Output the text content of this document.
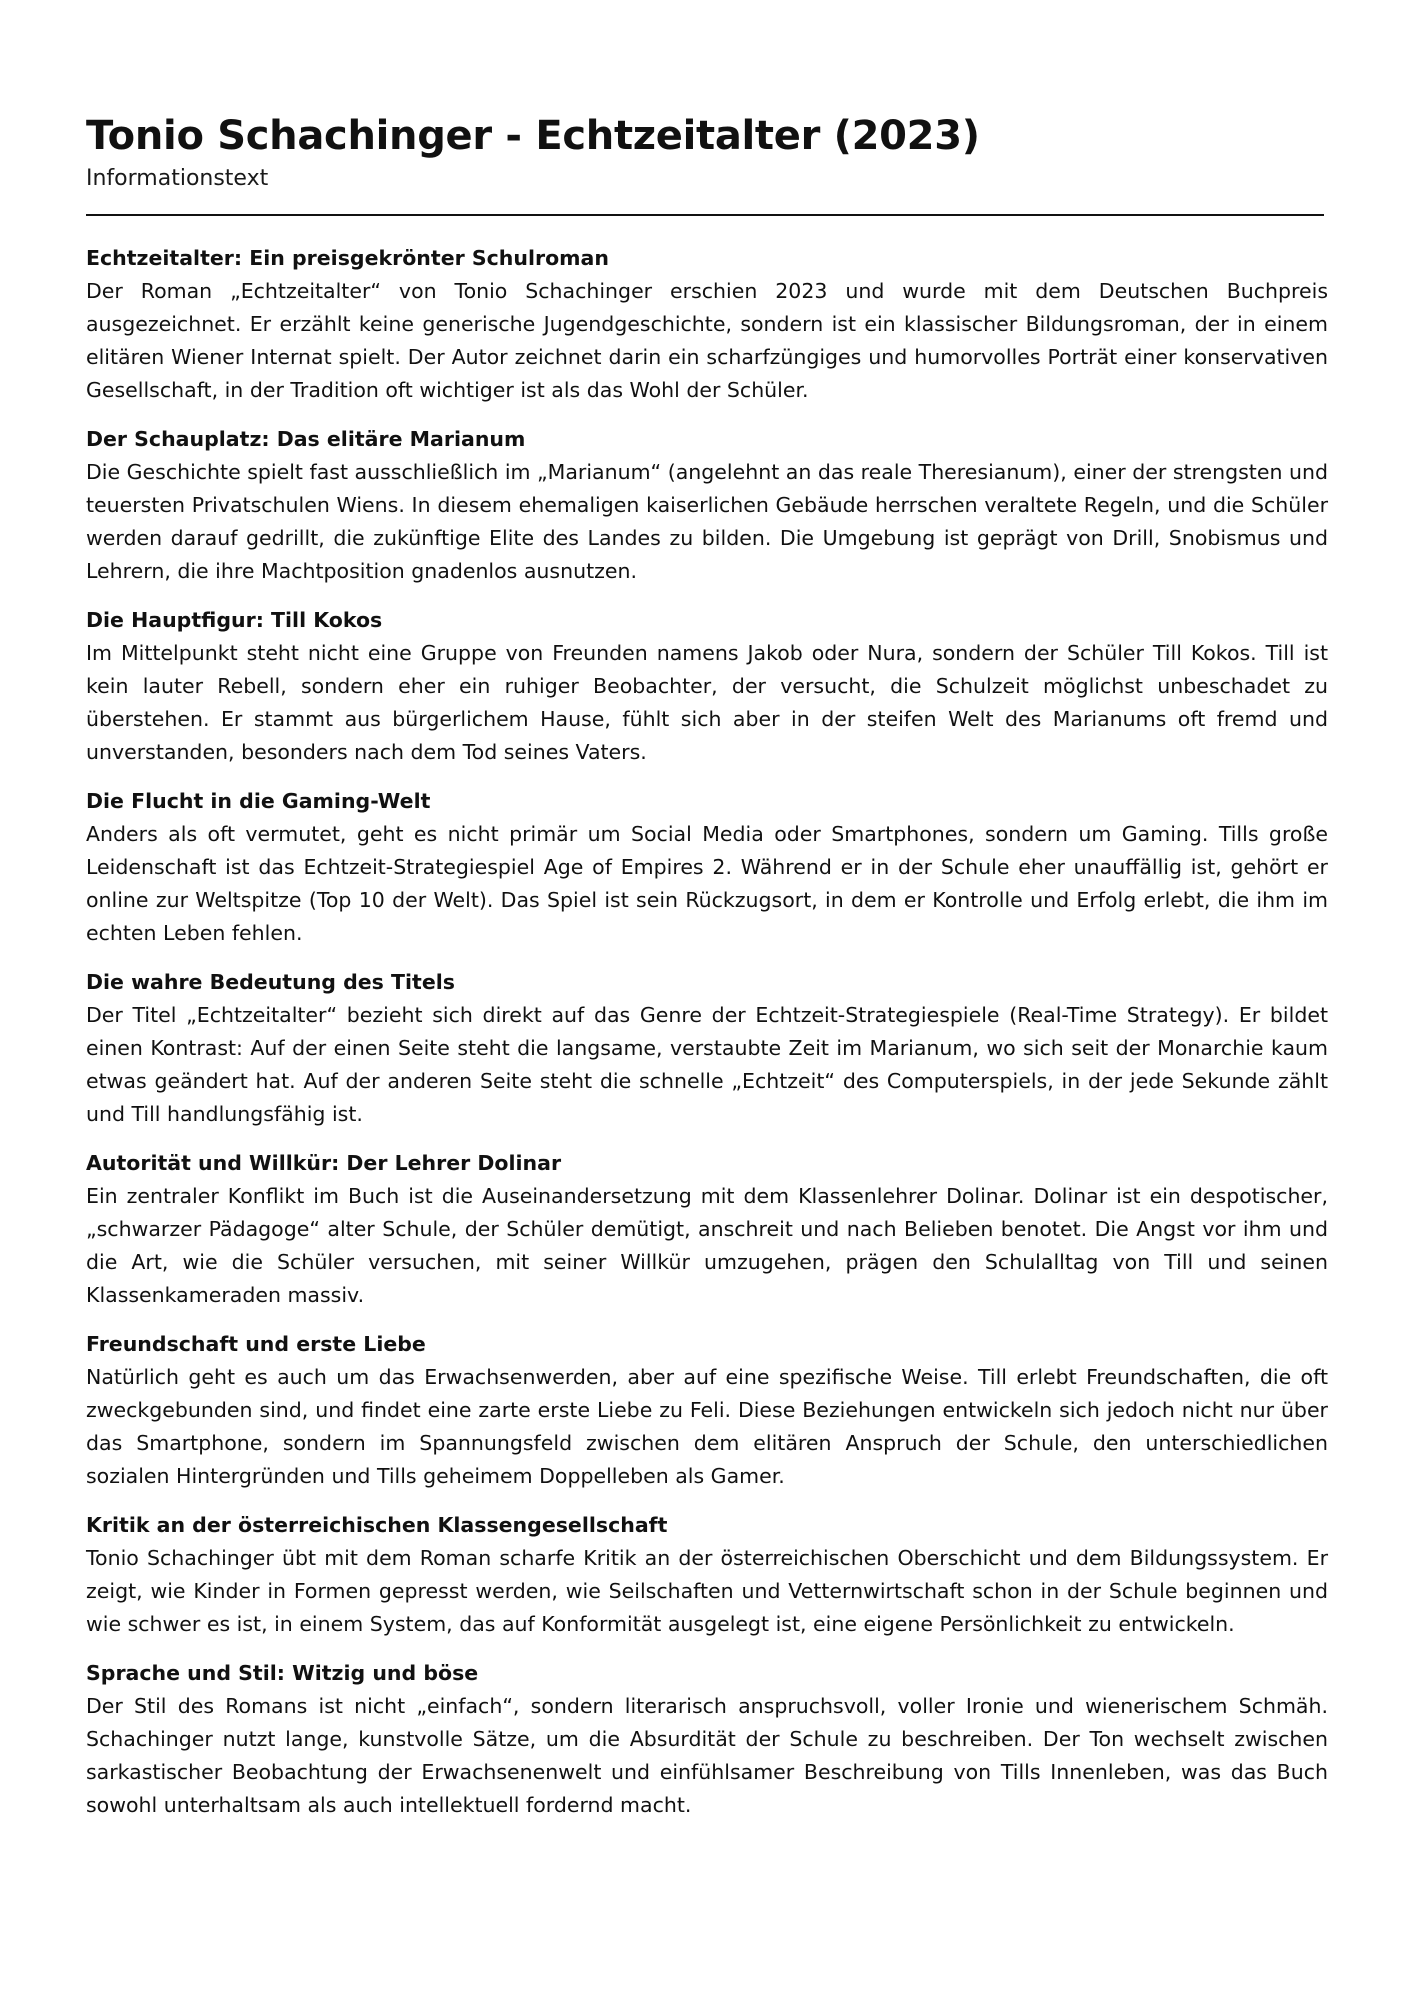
Tonio Schachinger - Echtzeitalter (2023)
Informationstext

Echtzeitalter: Ein preisgekrönter Schulroman

Der Roman „Echtzeitalter“ von Tonio Schachinger erschien 2023 und wurde mit dem Deutschen Buchpreis ausgezeichnet. Er erzählt keine generische Jugendgeschichte, sondern ist ein klassischer Bildungsroman, der in einem elitären Wiener Internat spielt. Der Autor zeichnet darin ein scharfzüngiges und humorvolles Porträt einer konservativen Gesellschaft, in der Tradition oft wichtiger ist als das Wohl der Schüler.

Der Schauplatz: Das elitäre Marianum

Die Geschichte spielt fast ausschließlich im „Marianum“ (angelehnt an das reale Theresianum), einer der strengsten und teuersten Privatschulen Wiens. In diesem ehemaligen kaiserlichen Gebäude herrschen veraltete Regeln, und die Schüler werden darauf gedrillt, die zukünftige Elite des Landes zu bilden. Die Umgebung ist geprägt von Drill, Snobismus und Lehrern, die ihre Machtposition gnadenlos ausnutzen.

Die Hauptfigur: Till Kokos

Im Mittelpunkt steht nicht eine Gruppe von Freunden namens Jakob oder Nura, sondern der Schüler Till Kokos. Till ist kein lauter Rebell, sondern eher ein ruhiger Beobachter, der versucht, die Schulzeit möglichst unbeschadet zu überstehen. Er stammt aus bürgerlichem Hause, fühlt sich aber in der steifen Welt des Marianums oft fremd und unverstanden, besonders nach dem Tod seines Vaters.

Die Flucht in die Gaming-Welt

Anders als oft vermutet, geht es nicht primär um Social Media oder Smartphones, sondern um Gaming. Tills große Leidenschaft ist das Echtzeit-Strategiespiel Age of Empires 2. Während er in der Schule eher unauffällig ist, gehört er online zur Weltspitze (Top 10 der Welt). Das Spiel ist sein Rückzugsort, in dem er Kontrolle und Erfolg erlebt, die ihm im echten Leben fehlen.

Die wahre Bedeutung des Titels

Der Titel „Echtzeitalter“ bezieht sich direkt auf das Genre der Echtzeit-Strategiespiele (Real-Time Strategy). Er bildet einen Kontrast: Auf der einen Seite steht die langsame, verstaubte Zeit im Marianum, wo sich seit der Monarchie kaum etwas geändert hat. Auf der anderen Seite steht die schnelle „Echtzeit“ des Computerspiels, in der jede Sekunde zählt und Till handlungsfähig ist.

Autorität und Willkür: Der Lehrer Dolinar

Ein zentraler Konflikt im Buch ist die Auseinandersetzung mit dem Klassenlehrer Dolinar. Dolinar ist ein despotischer, „schwarzer Pädagoge“ alter Schule, der Schüler demütigt, anschreit und nach Belieben benotet. Die Angst vor ihm und die Art, wie die Schüler versuchen, mit seiner Willkür umzugehen, prägen den Schulalltag von Till und seinen Klassenkameraden massiv.

Freundschaft und erste Liebe

Natürlich geht es auch um das Erwachsenwerden, aber auf eine spezifische Weise. Till erlebt Freundschaften, die oft zweckgebunden sind, und findet eine zarte erste Liebe zu Feli. Diese Beziehungen entwickeln sich jedoch nicht nur über das Smartphone, sondern im Spannungsfeld zwischen dem elitären Anspruch der Schule, den unterschiedlichen sozialen Hintergründen und Tills geheimem Doppelleben als Gamer.

Kritik an der österreichischen Klassengesellschaft

Tonio Schachinger übt mit dem Roman scharfe Kritik an der österreichischen Oberschicht und dem Bildungssystem. Er zeigt, wie Kinder in Formen gepresst werden, wie Seilschaften und Vetternwirtschaft schon in der Schule beginnen und wie schwer es ist, in einem System, das auf Konformität ausgelegt ist, eine eigene Persönlichkeit zu entwickeln.

Sprache und Stil: Witzig und böse

Der Stil des Romans ist nicht „einfach“, sondern literarisch anspruchsvoll, voller Ironie und wienerischem Schmäh. Schachinger nutzt lange, kunstvolle Sätze, um die Absurdität der Schule zu beschreiben. Der Ton wechselt zwischen sarkastischer Beobachtung der Erwachsenenwelt und einfühlsamer Beschreibung von Tills Innenleben, was das Buch sowohl unterhaltsam als auch intellektuell fordernd macht.
